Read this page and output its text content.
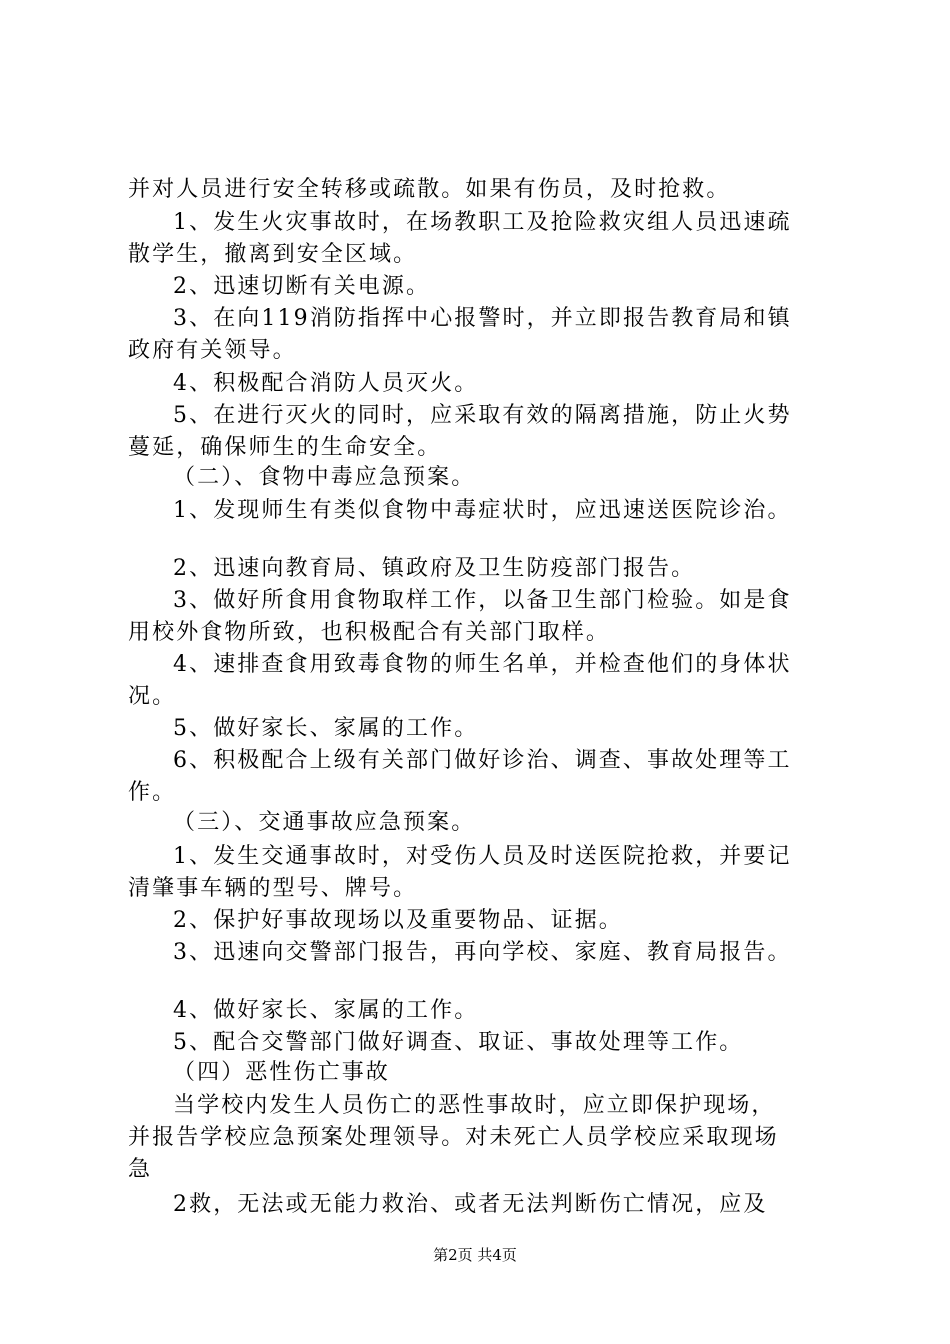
并对人员进行安全转移或疏散。如果有伤员，及时抢救。
1、发生火灾事故时，在场教职工及抢险救灾组人员迅速疏
散学生，撤离到安全区域。
2、迅速切断有关电源。
3、在向119消防指挥中心报警时，并立即报告教育局和镇
政府有关领导。
4、积极配合消防人员灭火。
5、在进行灭火的同时，应采取有效的隔离措施，防止火势
蔓延，确保师生的生命安全。
（二）、食物中毒应急预案。
1、发现师生有类似食物中毒症状时，应迅速送医院诊治。
2、迅速向教育局、镇政府及卫生防疫部门报告。
3、做好所食用食物取样工作，以备卫生部门检验。如是食
用校外食物所致，也积极配合有关部门取样。
4、速排查食用致毒食物的师生名单，并检查他们的身体状
况。
5、做好家长、家属的工作。
6、积极配合上级有关部门做好诊治、调查、事故处理等工
作。
（三）、交通事故应急预案。
1、发生交通事故时，对受伤人员及时送医院抢救，并要记
清肇事车辆的型号、牌号。
2、保护好事故现场以及重要物品、证据。
3、迅速向交警部门报告，再向学校、家庭、教育局报告。
4、做好家长、家属的工作。
5、配合交警部门做好调查、取证、事故处理等工作。
（四）恶性伤亡事故
当学校内发生人员伤亡的恶性事故时，应立即保护现场，
并报告学校应急预案处理领导。对未死亡人员学校应采取现场
急
2救，无法或无能力救治、或者无法判断伤亡情况，应及
第2页 共4页
